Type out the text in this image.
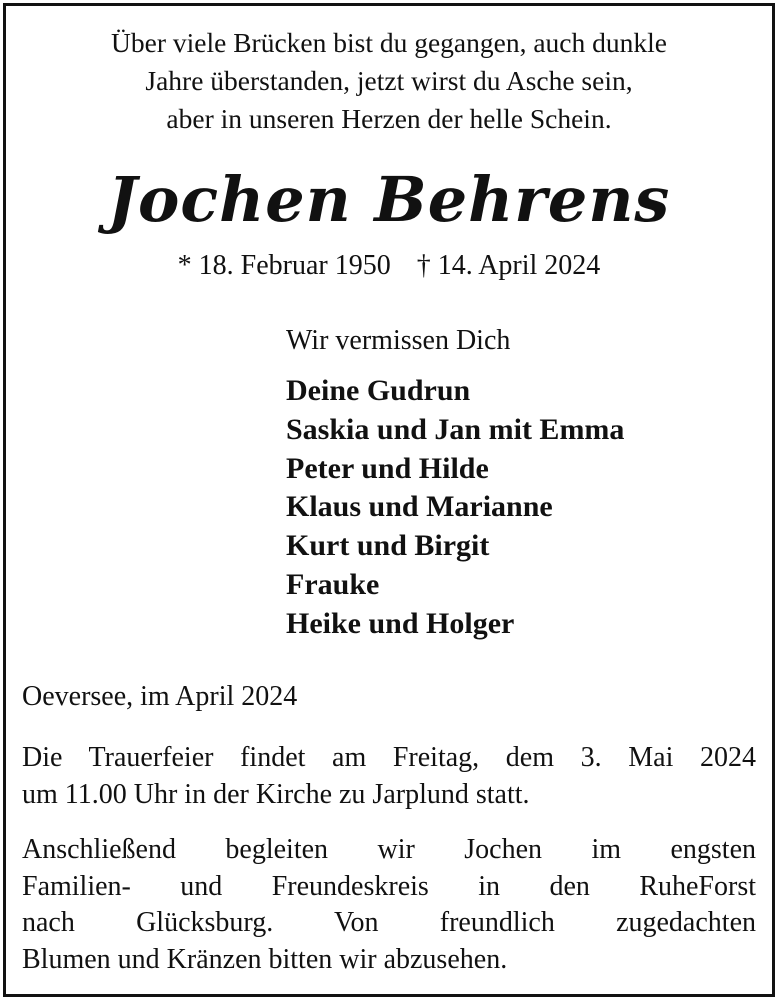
Über viele Brücken bist du gegangen, auch dunkle
Jahre überstanden, jetzt wirst du Asche sein,
aber in unseren Herzen der helle Schein.
Jochen Behrens
* 18. Februar 1950 † 14. April 2024
Wir vermissen Dich
Deine Gudrun
Saskia und Jan mit Emma
Peter und Hilde
Klaus und Marianne
Kurt und Birgit
Frauke
Heike und Holger
Oeversee, im April 2024
Die Trauerfeier findet am Freitag, dem 3. Mai 2024
um 11.00 Uhr in der Kirche zu Jarplund statt.
Anschließend begleiten wir Jochen im engsten
Familien- und Freundeskreis in den RuheForst
nach Glücksburg. Von freundlich zugedachten
Blumen und Kränzen bitten wir abzusehen.
